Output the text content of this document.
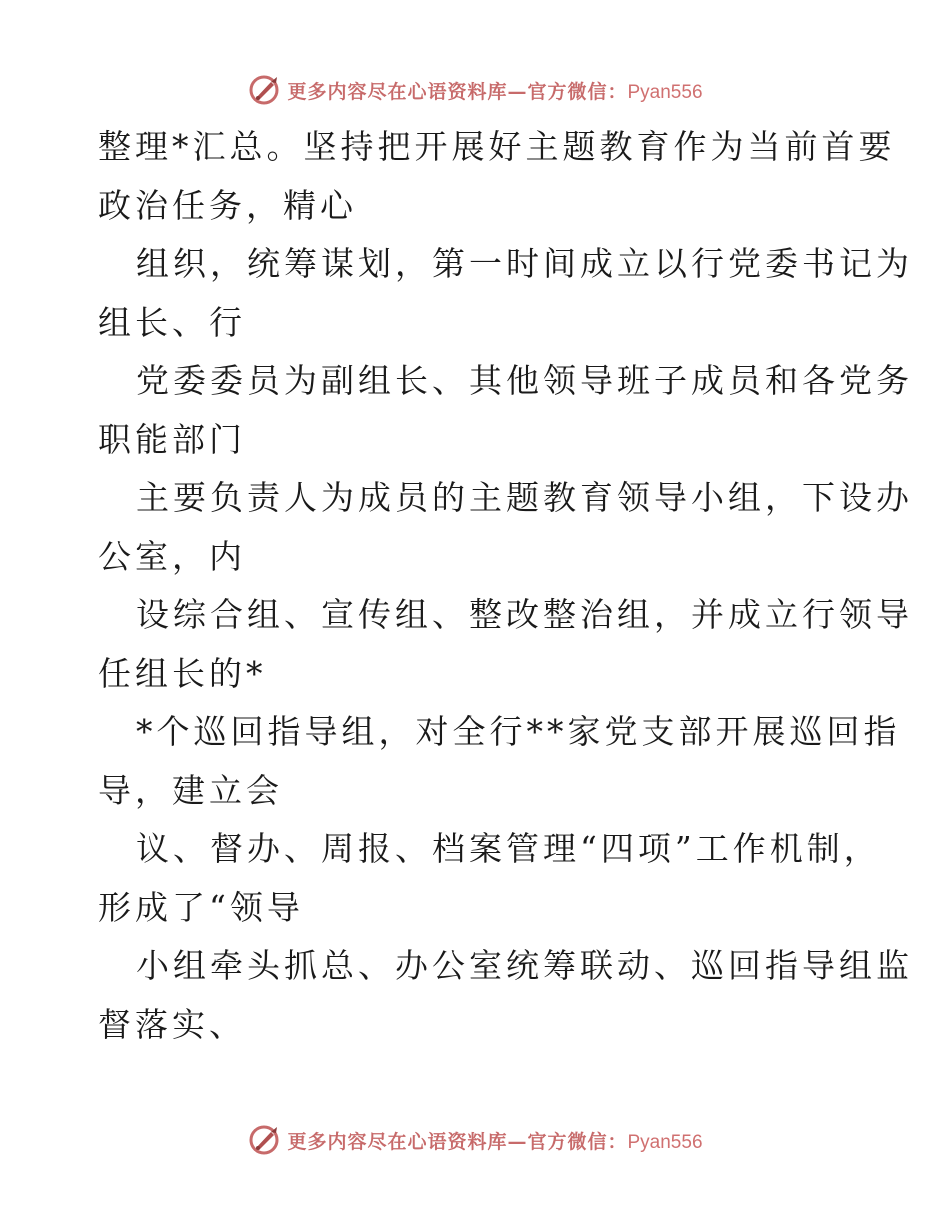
更多内容尽在心语资料库—官方微信：Pyan556
整理*汇总。坚持把开展好主题教育作为当前首要
政治任务，精心
组织，统筹谋划，第一时间成立以行党委书记为
组长、行
党委委员为副组长、其他领导班子成员和各党务
职能部门
主要负责人为成员的主题教育领导小组，下设办
公室，内
设综合组、宣传组、整改整治组，并成立行领导
任组长的*
*个巡回指导组，对全行**家党支部开展巡回指
导，建立会
议、督办、周报、档案管理“四项”工作机制，
形成了“领导
小组牵头抓总、办公室统筹联动、巡回指导组监
督落实、
更多内容尽在心语资料库—官方微信：Pyan556
